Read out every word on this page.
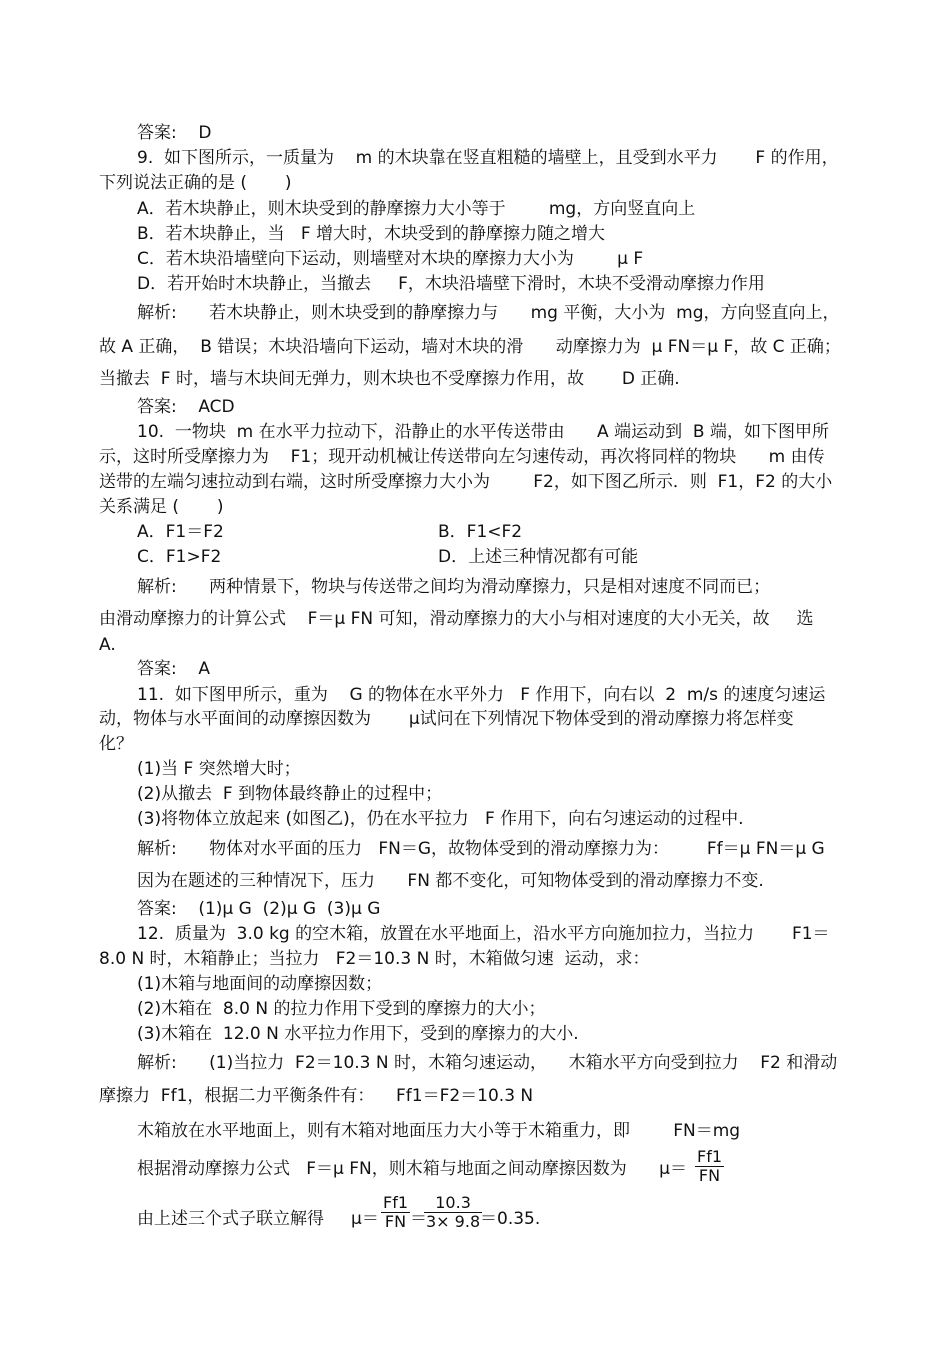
答案:    D
9.  如下图所示，一质量为    m 的木块靠在竖直粗糙的墙壁上，且受到水平力       F 的作用，
下列说法正确的是 (       )
A．若木块静止，则木块受到的静摩擦力大小等于        mg，方向竖直向上
B．若木块静止，当   F 增大时，木块受到的静摩擦力随之增大
C．若木块沿墙壁向下运动，则墙壁对木块的摩擦力大小为        μ F
D．若开始时木块静止，当撤去     F，木块沿墙壁下滑时，木块不受滑动摩擦力作用
解析:      若木块静止，则木块受到的静摩擦力与      mg 平衡，大小为  mg，方向竖直向上，
故 A 正确，  B 错误；木块沿墙向下运动，墙对木块的滑      动摩擦力为  μ FN＝μ F，故 C 正确；
当撤去  F 时，墙与木块间无弹力，则木块也不受摩擦力作用，故       D 正确.
答案:    ACD
10.  一物块  m 在水平力拉动下，沿静止的水平传送带由      A 端运动到  B 端，如下图甲所
示，这时所受摩擦力为    F1；现开动机械让传送带向左匀速传动，再次将同样的物块      m 由传
送带的左端匀速拉动到右端，这时所受摩擦力大小为        F2，如下图乙所示．则  F1，F2 的大小
关系满足 (       )
A．F1＝F2	B．F1<F2
C．F1>F2	D．上述三种情况都有可能
解析:      两种情景下，物块与传送带之间均为滑动摩擦力，只是相对速度不同而已；
由滑动摩擦力的计算公式    F＝μ FN 可知，滑动摩擦力的大小与相对速度的大小无关，故     选
A.
答案:    A
11.  如下图甲所示，重为    G 的物体在水平外力   F 作用下，向右以  2  m/s 的速度匀速运
动，物体与水平面间的动摩擦因数为       μ试问在下列情况下物体受到的滑动摩擦力将怎样变
化？
(1)当 F 突然增大时；
(2)从撤去  F 到物体最终静止的过程中；
(3)将物体立放起来 (如图乙)，仍在水平拉力   F 作用下，向右匀速运动的过程中.
解析:      物体对水平面的压力   FN＝G，故物体受到的滑动摩擦力为：       Ff＝μ FN＝μ G
因为在题述的三种情况下，压力      FN 都不变化，可知物体受到的滑动摩擦力不变.
答案:    (1)μ G  (2)μ G  (3)μ G
12.  质量为  3.0 kg 的空木箱，放置在水平地面上，沿水平方向施加拉力，当拉力       F1＝
8.0 N 时，木箱静止；当拉力   F2＝10.3 N 时，木箱做匀速  运动，求：
(1)木箱与地面间的动摩擦因数；
(2)木箱在  8.0 N 的拉力作用下受到的摩擦力的大小；
(3)木箱在  12.0 N 水平拉力作用下，受到的摩擦力的大小.
解析:      (1)当拉力  F2＝10.3 N 时，木箱匀速运动，    木箱水平方向受到拉力    F2 和滑动
摩擦力  Ff1，根据二力平衡条件有：    Ff1＝F2＝10.3 N
木箱放在水平地面上，则有木箱对地面压力大小等于木箱重力，即        FN＝mg
根据滑动摩擦力公式   F＝μ FN，则木箱与地面之间动摩擦因数为      $\mu= \frac{Ff1}{FN}$
由上述三个式子联立解得     $\mu= \frac{Ff1}{FN}$ ＝
$\frac{10.3}{3\times 9.8}$
＝0.35.
